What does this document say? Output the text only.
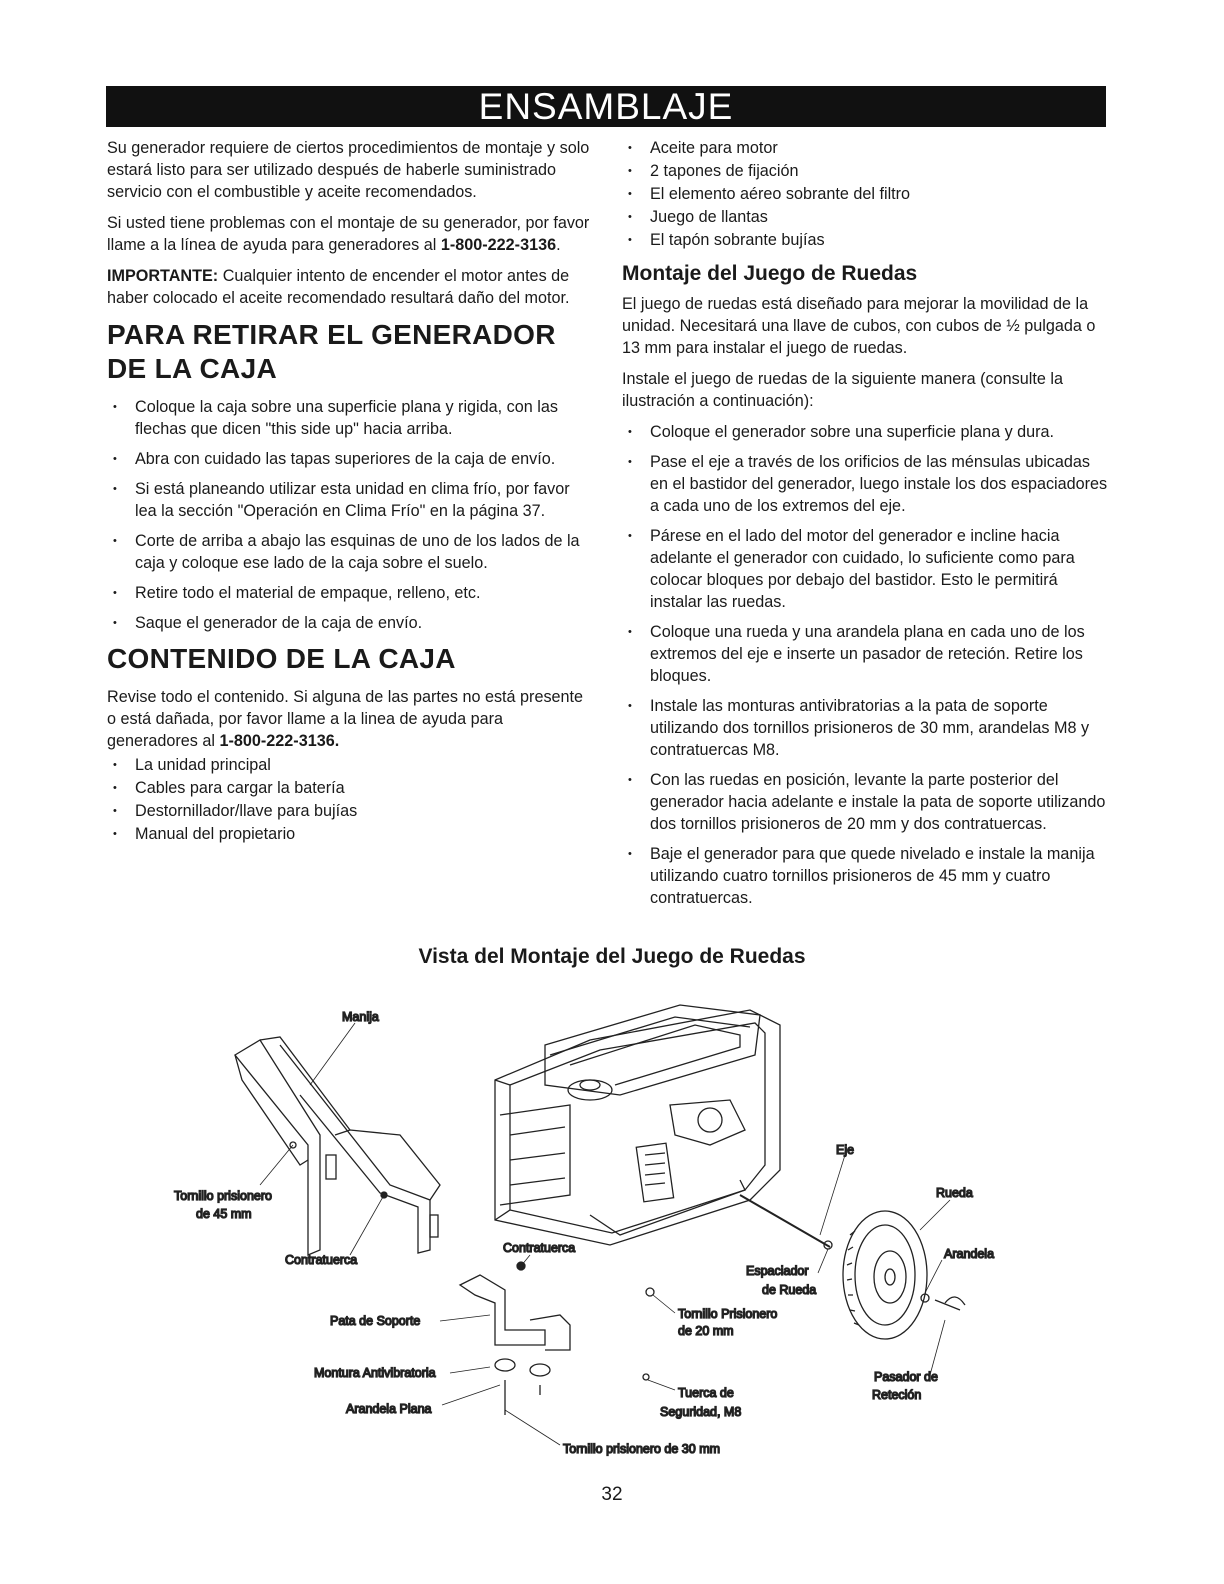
ENSAMBLAJE

Su generador requiere de ciertos procedimientos de montaje y solo estará listo para ser utilizado después de haberle suministrado servicio con el combustible y aceite recomendados.

Si usted tiene problemas con el montaje de su generador, por favor llame a la línea de ayuda para generadores al 1-800-222-3136.

IMPORTANTE: Cualquier intento de encender el motor antes de haber colocado el aceite recomendado resultará daño del motor.

PARA RETIRAR EL GENERADOR DE LA CAJA
• Coloque la caja sobre una superficie plana y rigida, con las flechas que dicen "this side up" hacia arriba.
• Abra con cuidado las tapas superiores de la caja de envío.
• Si está planeando utilizar esta unidad en clima frío, por favor lea la sección "Operación en Clima Frío" en la página 37.
• Corte de arriba a abajo las esquinas de uno de los lados de la caja y coloque ese lado de la caja sobre el suelo.
• Retire todo el material de empaque, relleno, etc.
• Saque el generador de la caja de envío.
CONTENIDO DE LA CAJA

Revise todo el contenido. Si alguna de las partes no está presente o está dañada, por favor llame a la linea de ayuda para generadores al 1-800-222-3136.

• La unidad principal
• Cables para cargar la batería
• Destornillador/llave para bujías
• Manual del propietario
• Aceite para motor
• 2 tapones de fijación
• El elemento aéreo sobrante del filtro
• Juego de llantas
• El tapón sobrante bujías
Montaje del Juego de Ruedas

El juego de ruedas está diseñado para mejorar la movilidad de la unidad. Necesitará una llave de cubos, con cubos de ½ pulgada o 13 mm para instalar el juego de ruedas.

Instale el juego de ruedas de la siguiente manera (consulte la ilustración a continuación):

• Coloque el generador sobre una superficie plana y dura.
• Pase el eje a través de los orificios de las ménsulas ubicadas en el bastidor del generador, luego instale los dos espaciadores a cada uno de los extremos del eje.
• Párese en el lado del motor del generador e incline hacia adelante el generador con cuidado, lo suficiente como para colocar bloques por debajo del bastidor. Esto le permitirá instalar las ruedas.
• Coloque una rueda y una arandela plana en cada uno de los extremos del eje e inserte un pasador de reteción. Retire los bloques.
• Instale las monturas antivibratorias a la pata de soporte utilizando dos tornillos prisioneros de 30 mm, arandelas M8 y contratuercas M8.
• Con las ruedas en posición, levante la parte posterior del generador hacia adelante e instale la pata de soporte utilizando dos tornillos prisioneros de 20 mm y dos contratuercas.
• Baje el generador para que quede nivelado e instale la manija utilizando cuatro tornillos prisioneros de 45 mm y cuatro contratuercas.
Vista del Montaje del Juego de Ruedas
Manija
Tornillo prisionero
de 45 mm
Contratuerca
Contratuerca
Pata de Soporte
Montura Antivibratoria
Arandela Plana
Tornillo prisionero de 30 mm
Eje
Rueda
Arandela
Espaciador
de Rueda
Tornillo Prisionero
de 20 mm
Tuerca de
Seguridad, M8
Pasador de
Reteción
32
